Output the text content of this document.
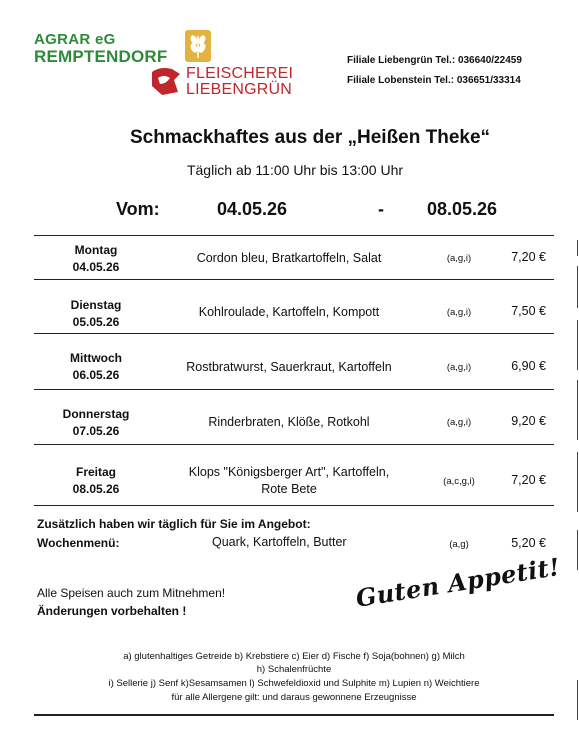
AGRAR eG
REMPTENDORF
FLEISCHEREI
LIEBENGRÜN
Filiale Liebengrün Tel.: 036640/22459
Filiale Lobenstein Tel.: 036651/33314
Schmackhaftes aus der „Heißen Theke“
Täglich ab 11:00 Uhr bis 13:00 Uhr
Vom:	04.05.26	- 08.05.26
Montag
04.05.26
Cordon bleu, Bratkartoffeln, Salat	(a,g,i)	7,20 €
Dienstag
05.05.26
Kohlroulade, Kartoffeln, Kompott	(a,g,i)	7,50 €
Mittwoch
06.05.26
Rostbratwurst, Sauerkraut, Kartoffeln	(a,g,i)	6,90 €
Donnerstag
07.05.26
Rinderbraten, Klöße, Rotkohl	(a,g,i)	9,20 €
Freitag
08.05.26
Klops "Königsberger Art", Kartoffeln,
Rote Bete
(a,c,g,i)	7,20 €
Zusätzlich haben wir täglich für Sie im Angebot:
Wochenmenü:	Quark, Kartoffeln, Butter	(a,g)	5,20 €
Alle Speisen auch zum Mitnehmen!
Änderungen vorbehalten !	Guten Appetit!
a) glutenhaltiges Getreide b) Krebstiere c) Eier d) Fische f) Soja(bohnen) g) Milch
h) Schalenfrüchte
i) Sellerie j) Senf k)Sesamsamen l) Schwefeldioxid und Sulphite m) Lupien n) Weichtiere
für alle Allergene gilt: und daraus gewonnene Erzeugnisse
